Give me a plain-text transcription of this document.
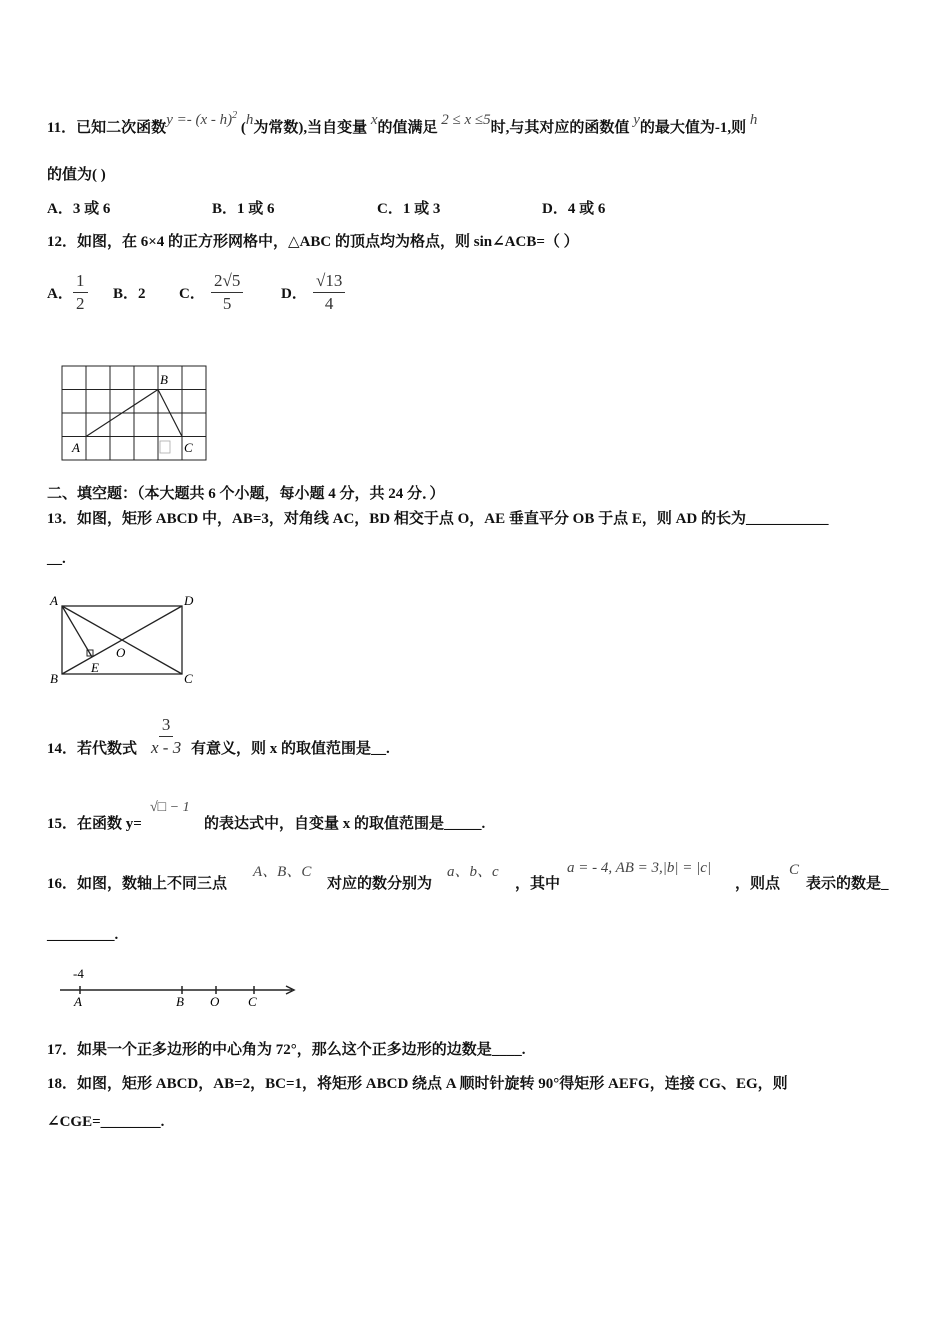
11．已知二次函数y =- (x - h)$^2$ (h为常数),当自变量 x的值满足 2 ≤ x ≤5时,与其对应的函数值 y的最大值为-1,则 h
的值为( )
A．3 或 6	B．1 或 6	C．1 或 3	D．4 或 6
12．如图，在 6×4 的正方形网格中，△ABC 的顶点均为格点，则 sin∠ACB=（ ）
A． $\frac{1}{2}$ B．2 C． $\frac{2√5}{5}$	D． $\frac{√13}{4}$
A
B
C
二、填空题：（本大题共 6 个小题，每小题 4 分，共 24 分．）
13．如图，矩形 ABCD 中，AB=3，对角线 AC，BD 相交于点 O，AE 垂直平分 OB 于点 E，则 AD 的长为___________
__.
A	D
B	C
E
O
14．若代数式 $\frac{3}{x - 3}$ 有意义，则 x 的取值范围是__.
15．在函数 y=
√□ − 1
的表达式中，自变量 x 的取值范围是_____.
16．如图，数轴上不同三点
A、B、C
对应的数分别为
a、b、c
，其中
a = - 4, AB = 3,|b| = |c|
，则点
C
表示的数是_
_________.
-4
A	B O C
17．如果一个正多边形的中心角为 72°，那么这个正多边形的边数是____.
18．如图，矩形 ABCD，AB=2，BC=1，将矩形 ABCD 绕点 A 顺时针旋转 90°得矩形 AEFG，连接 CG、EG，则
∠CGE=________.
